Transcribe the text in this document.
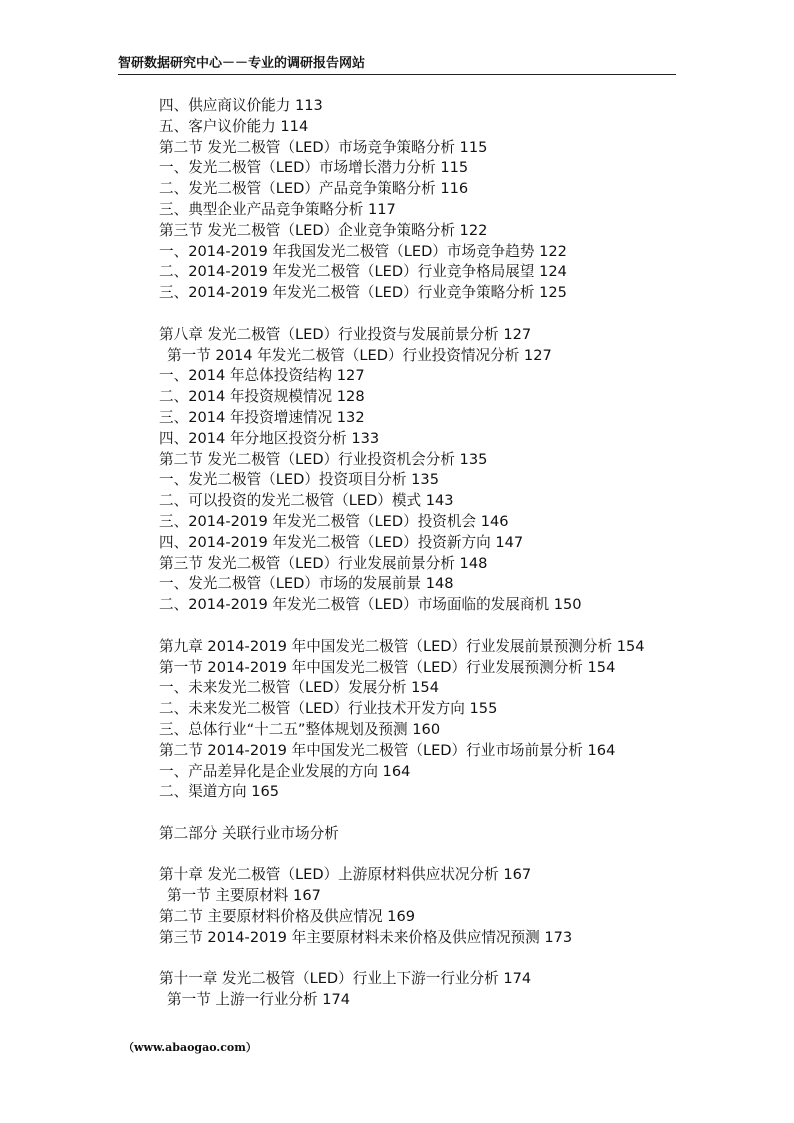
智研数据研究中心－－专业的调研报告网站
四、供应商议价能力 113
五、客户议价能力 114
第二节 发光二极管（LED）市场竞争策略分析 115
一、发光二极管（LED）市场增长潜力分析 115
二、发光二极管（LED）产品竞争策略分析 116
三、典型企业产品竞争策略分析 117
第三节 发光二极管（LED）企业竞争策略分析 122
一、2014-2019 年我国发光二极管（LED）市场竞争趋势 122
二、2014-2019 年发光二极管（LED）行业竞争格局展望 124
三、2014-2019 年发光二极管（LED）行业竞争策略分析 125
第八章 发光二极管（LED）行业投资与发展前景分析 127
第一节 2014 年发光二极管（LED）行业投资情况分析 127
一、2014 年总体投资结构 127
二、2014 年投资规模情况 128
三、2014 年投资增速情况 132
四、2014 年分地区投资分析 133
第二节 发光二极管（LED）行业投资机会分析 135
一、发光二极管（LED）投资项目分析 135
二、可以投资的发光二极管（LED）模式 143
三、2014-2019 年发光二极管（LED）投资机会 146
四、2014-2019 年发光二极管（LED）投资新方向 147
第三节 发光二极管（LED）行业发展前景分析 148
一、发光二极管（LED）市场的发展前景 148
二、2014-2019 年发光二极管（LED）市场面临的发展商机 150
第九章 2014-2019 年中国发光二极管（LED）行业发展前景预测分析 154
第一节 2014-2019 年中国发光二极管（LED）行业发展预测分析 154
一、未来发光二极管（LED）发展分析 154
二、未来发光二极管（LED）行业技术开发方向 155
三、总体行业“十二五”整体规划及预测 160
第二节 2014-2019 年中国发光二极管（LED）行业市场前景分析 164
一、产品差异化是企业发展的方向 164
二、渠道方向 165
第二部分 关联行业市场分析
第十章 发光二极管（LED）上游原材料供应状况分析 167
第一节 主要原材料 167
第二节 主要原材料价格及供应情况 169
第三节 2014-2019 年主要原材料未来价格及供应情况预测 173
第十一章 发光二极管（LED）行业上下游一行业分析 174
第一节 上游一行业分析 174
（www.abaogao.com）
